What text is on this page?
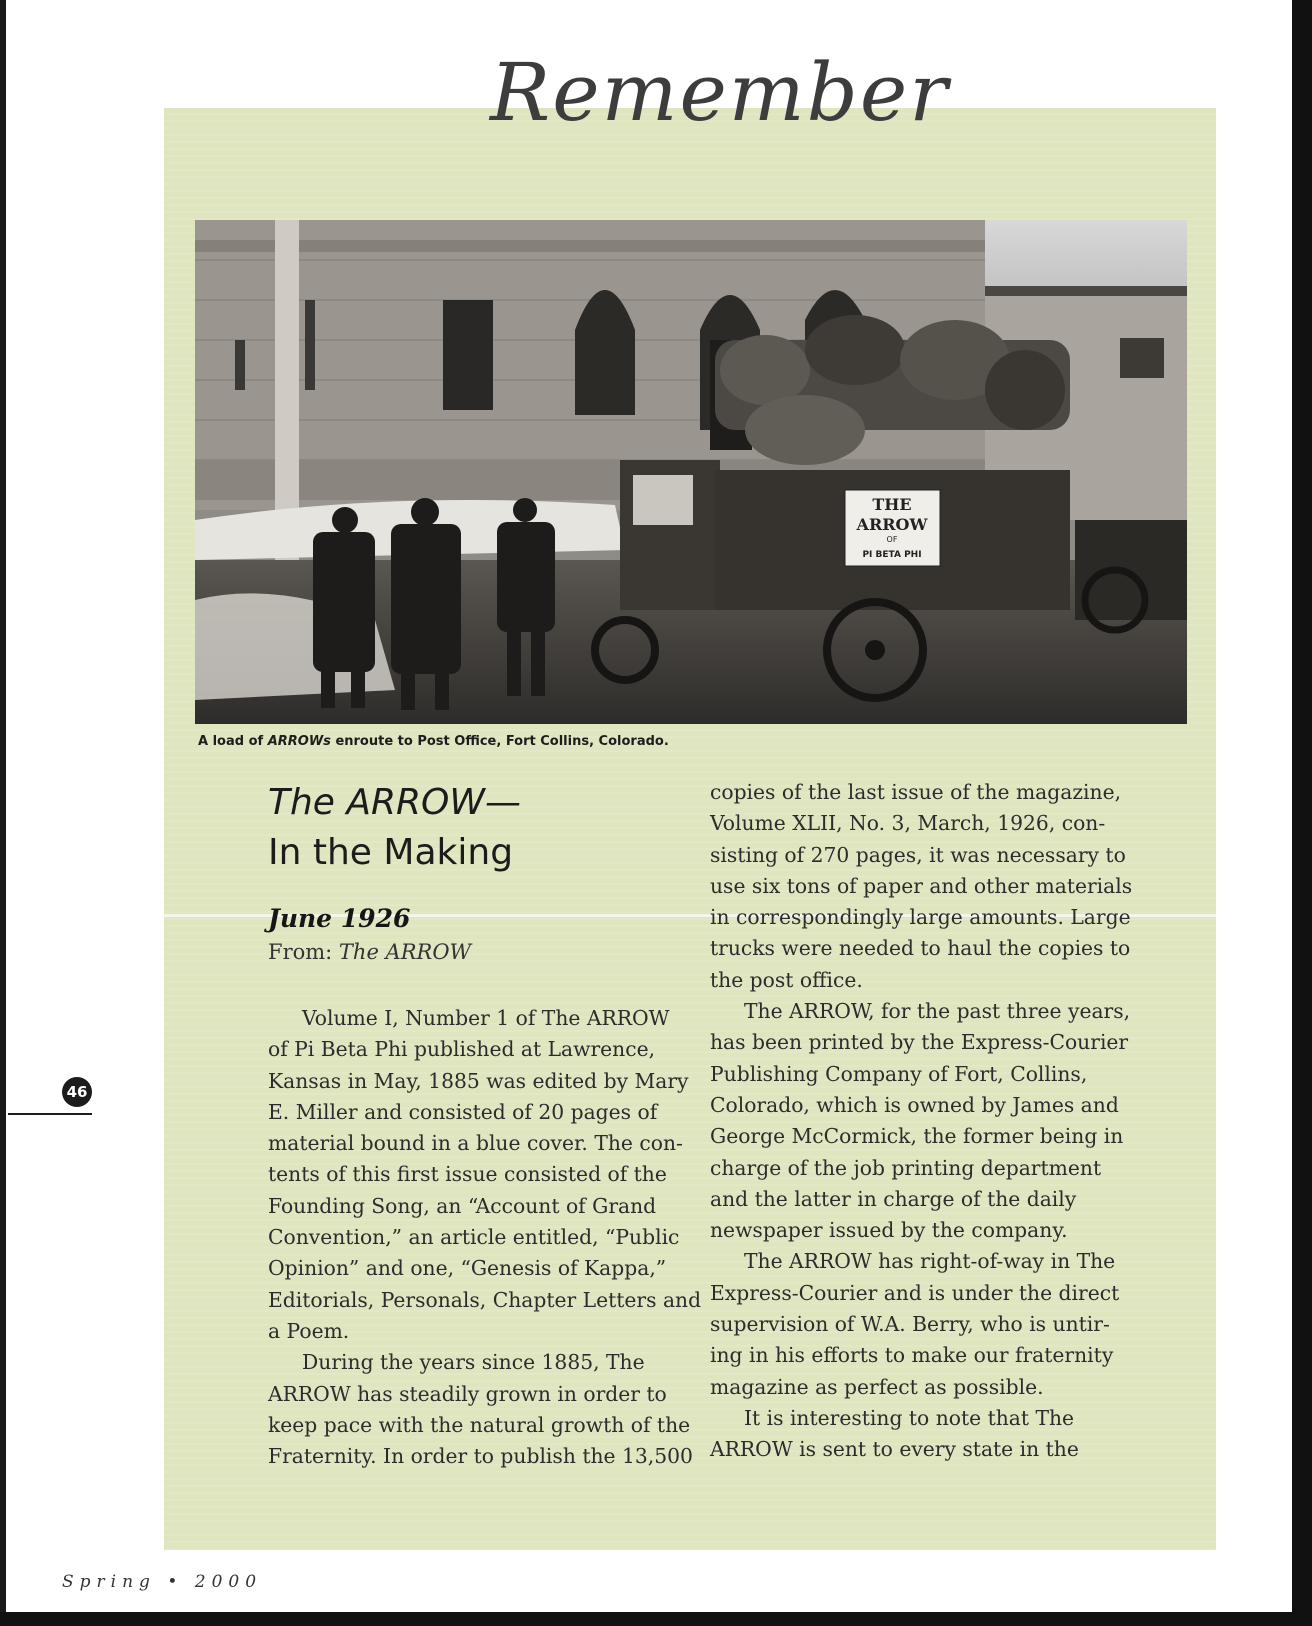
Remember
THE
ARROW
OF
PI BETA PHI
A load of ARROWs enroute to Post Office, Fort Collins, Colorado.
The ARROW—
In the Making
June 1926
From: The ARROW
Volume I, Number 1 of The ARROW
of Pi Beta Phi published at Lawrence,
Kansas in May, 1885 was edited by Mary
E. Miller and consisted of 20 pages of
material bound in a blue cover. The con-
tents of this first issue consisted of the
Founding Song, an “Account of Grand
Convention,” an article entitled, “Public
Opinion” and one, “Genesis of Kappa,”
Editorials, Personals, Chapter Letters and
a Poem.
During the years since 1885, The
ARROW has steadily grown in order to
keep pace with the natural growth of the
Fraternity. In order to publish the 13,500
copies of the last issue of the magazine,
Volume XLII, No. 3, March, 1926, con-
sisting of 270 pages, it was necessary to
use six tons of paper and other materials
in correspondingly large amounts. Large
trucks were needed to haul the copies to
the post office.
The ARROW, for the past three years,
has been printed by the Express-Courier
Publishing Company of Fort, Collins,
Colorado, which is owned by James and
George McCormick, the former being in
charge of the job printing department
and the latter in charge of the daily
newspaper issued by the company.
The ARROW has right-of-way in The
Express-Courier and is under the direct
supervision of W.A. Berry, who is untir-
ing in his efforts to make our fraternity
magazine as perfect as possible.
It is interesting to note that The
ARROW is sent to every state in the
46
Spring • 2000
